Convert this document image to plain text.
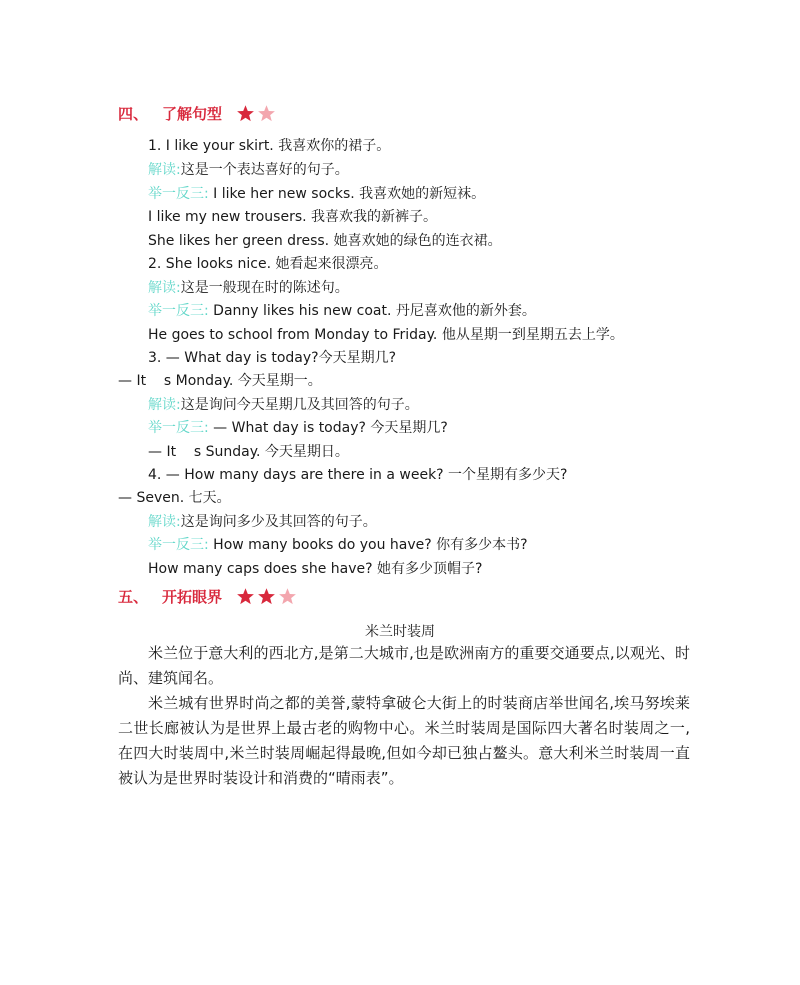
四、 了解句型
1. I like your skirt. 我喜欢你的裙子。
解读:这是一个表达喜好的句子。
举一反三: I like her new socks. 我喜欢她的新短袜。
I like my new trousers. 我喜欢我的新裤子。
She likes her green dress. 她喜欢她的绿色的连衣裙。
2. She looks nice. 她看起来很漂亮。
解读:这是一般现在时的陈述句。
举一反三: Danny likes his new coat. 丹尼喜欢他的新外套。
He goes to school from Monday to Friday. 他从星期一到星期五去上学。
3. — What day is today?今天星期几?
— It    s Monday. 今天星期一。
解读:这是询问今天星期几及其回答的句子。
举一反三: — What day is today? 今天星期几?
— It    s Sunday. 今天星期日。
4. — How many days are there in a week? 一个星期有多少天?
— Seven. 七天。
解读:这是询问多少及其回答的句子。
举一反三: How many books do you have? 你有多少本书?
How many caps does she have? 她有多少顶帽子?
五、 开拓眼界
米兰时装周

米兰位于意大利的西北方,是第二大城市,也是欧洲南方的重要交通要点,以观光、时尚、建筑闻名。

米兰城有世界时尚之都的美誉,蒙特拿破仑大街上的时装商店举世闻名,埃马努埃莱二世长廊被认为是世界上最古老的购物中心。米兰时装周是国际四大著名时装周之一,在四大时装周中,米兰时装周崛起得最晚,但如今却已独占鳌头。意大利米兰时装周一直被认为是世界时装设计和消费的“晴雨表”。
